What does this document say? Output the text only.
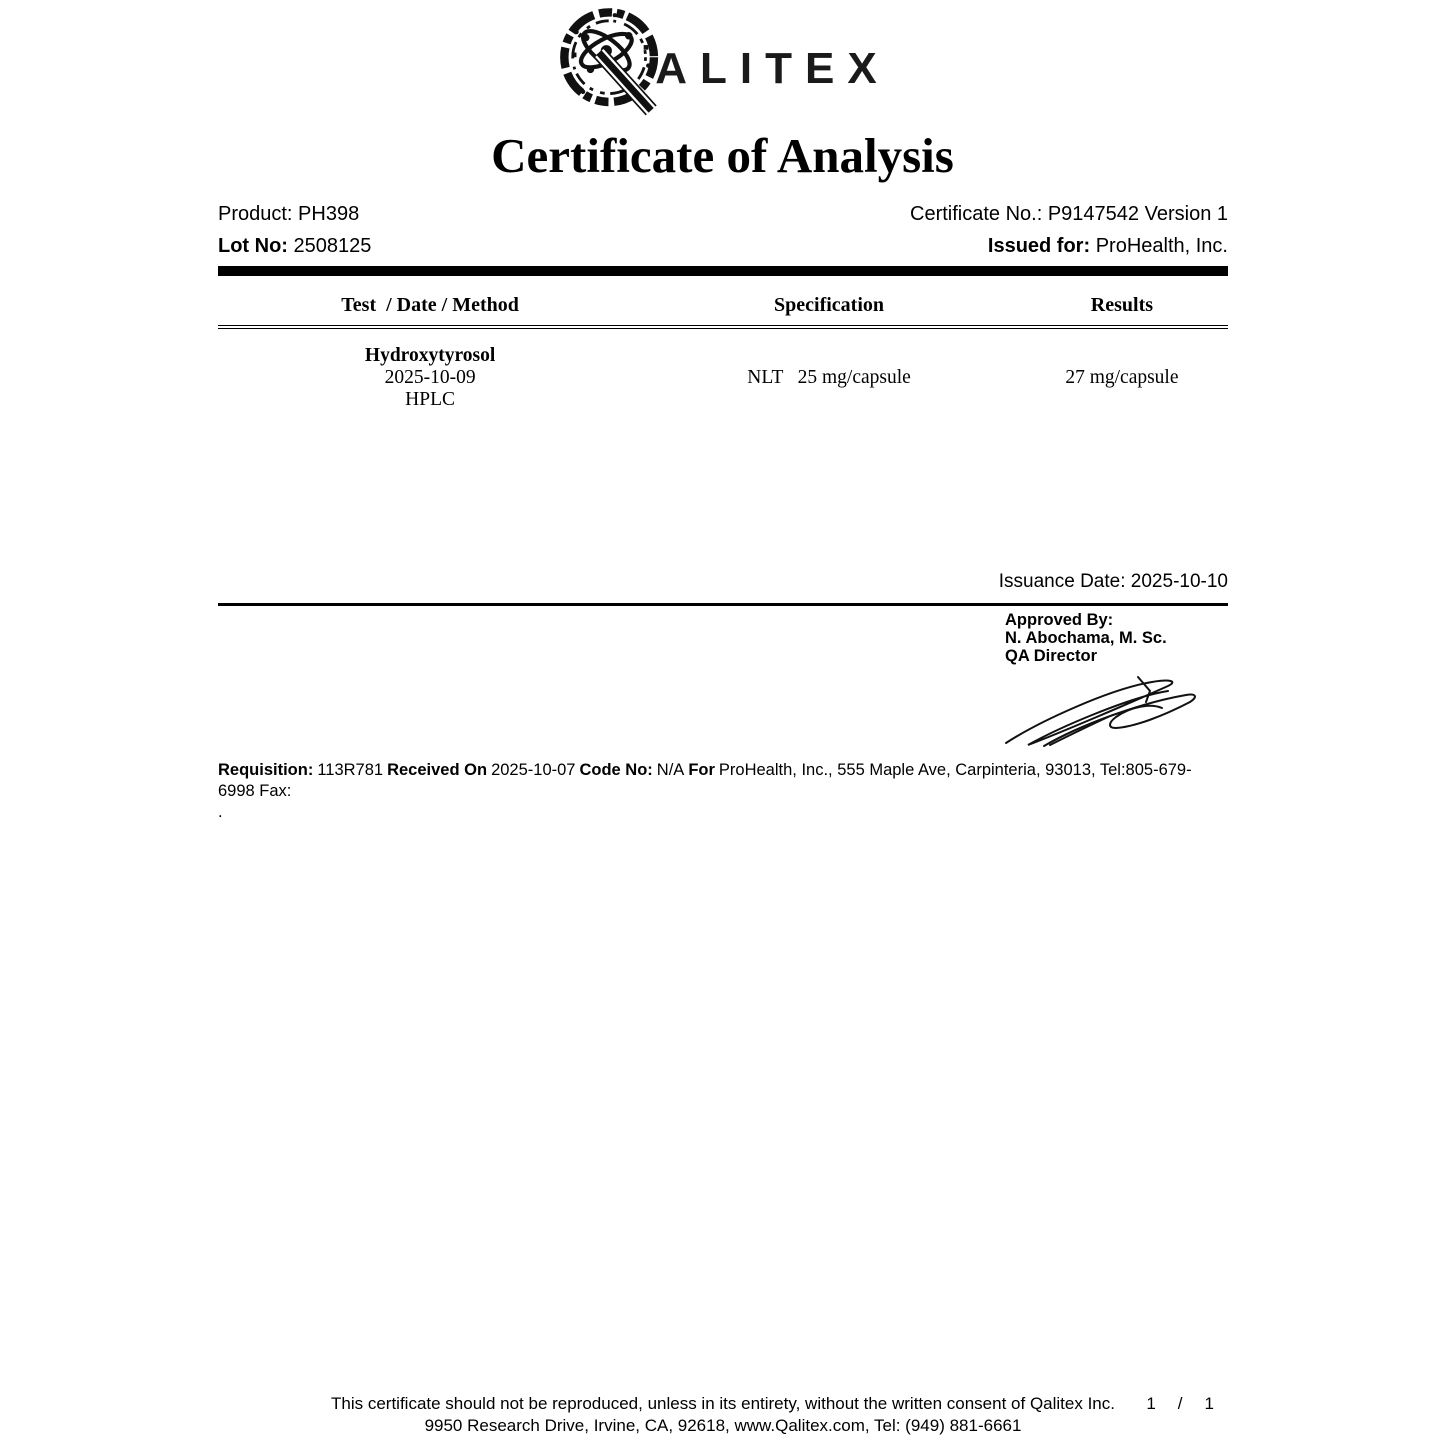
ALITEX
Certificate of Analysis
Product: PH398	Certificate No.: P9147542 Version 1
Lot No: 2508125	Issued for: ProHealth, Inc.
Test  / Date / Method	Specification	Results
Hydroxytyrosol
2025-10-09
HPLC
NLT   25 mg/capsule	27 mg/capsule
Issuance Date: 2025-10-10
Approved By:
N. Abochama, M. Sc.
QA Director
Requisition: 113R781 Received On 2025-10-07 Code No: N/A For ProHealth, Inc., 555 Maple Ave, Carpinteria, 93013, Tel:805-679-6998 Fax:
.
This certificate should not be reproduced, unless in its entirety, without the written consent of Qalitex Inc. 1 / 1
9950 Research Drive, Irvine, CA, 92618, www.Qalitex.com, Tel: (949) 881-6661
